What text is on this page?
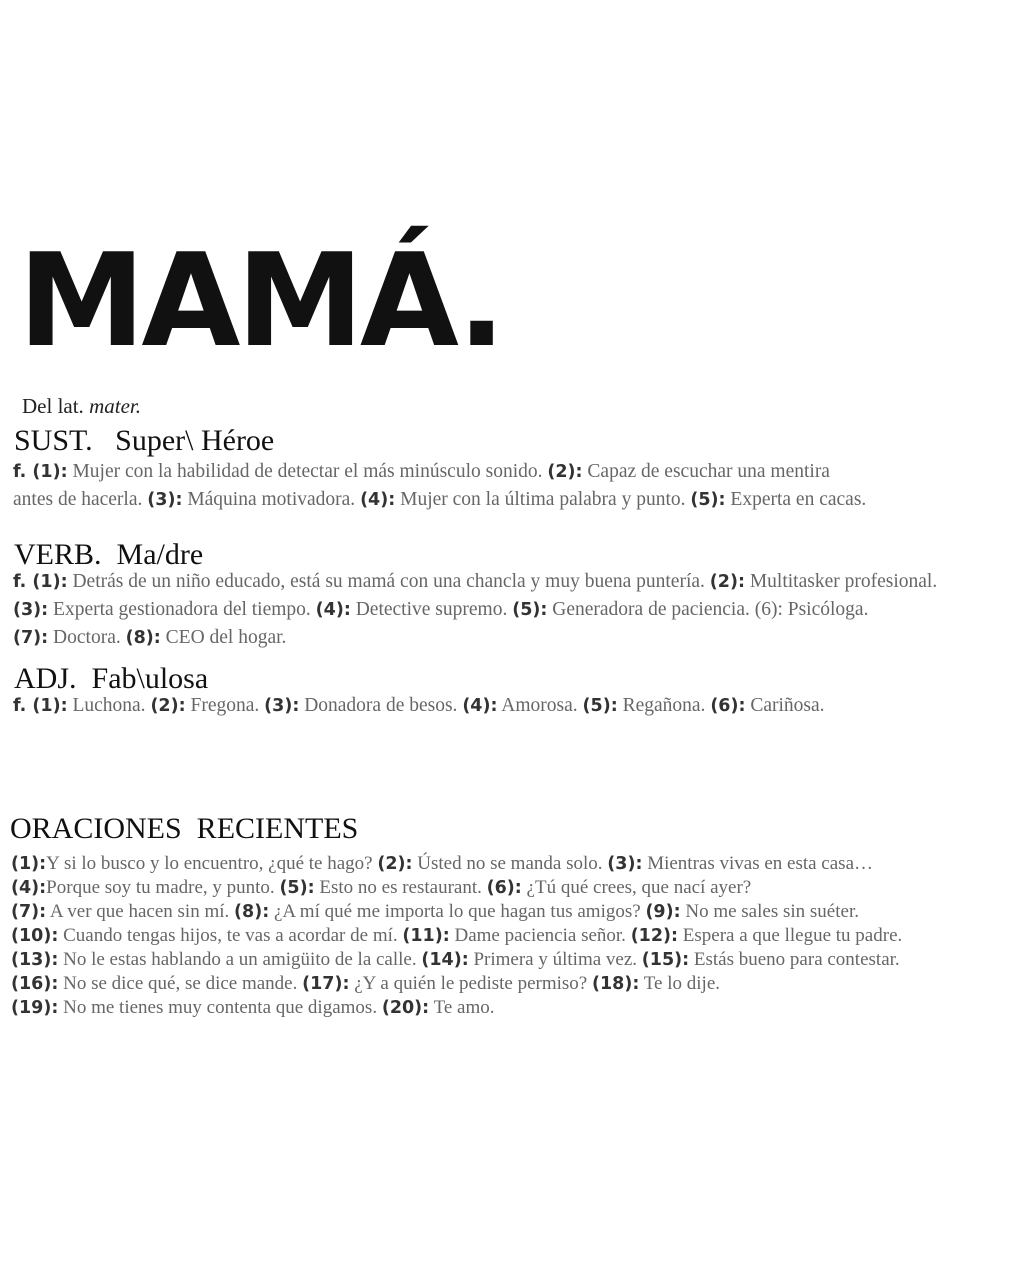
MAMÁ.
Del lat. mater.
SUST. Super\ Héroe
f. (1): Mujer con la habilidad de detectar el más minúsculo sonido. (2): Capaz de escuchar una mentira
antes de hacerla. (3): Máquina motivadora. (4): Mujer con la última palabra y punto. (5): Experta en cacas.
VERB. Ma/dre
f. (1): Detrás de un niño educado, está su mamá con una chancla y muy buena puntería. (2): Multitasker profesional.
(3): Experta gestionadora del tiempo. (4): Detective supremo. (5): Generadora de paciencia. (6): Psicóloga.
(7): Doctora. (8): CEO del hogar.
ADJ. Fab\ulosa
f. (1): Luchona. (2): Fregona. (3): Donadora de besos. (4): Amorosa. (5): Regañona. (6): Cariñosa.
ORACIONES  RECIENTES
(1):Y si lo busco y lo encuentro, ¿qué te hago? (2): Ústed no se manda solo. (3): Mientras vivas en esta casa…
(4):Porque soy tu madre, y punto. (5): Esto no es restaurant. (6): ¿Tú qué crees, que nací ayer?
(7): A ver que hacen sin mí. (8): ¿A mí qué me importa lo que hagan tus amigos? (9): No me sales sin suéter.
(10): Cuando tengas hijos, te vas a acordar de mí. (11): Dame paciencia señor. (12): Espera a que llegue tu padre.
(13): No le estas hablando a un amigüito de la calle. (14): Primera y última vez. (15): Estás bueno para contestar.
(16): No se dice qué, se dice mande. (17): ¿Y a quién le pediste permiso? (18): Te lo dije.
(19): No me tienes muy contenta que digamos. (20): Te amo.
